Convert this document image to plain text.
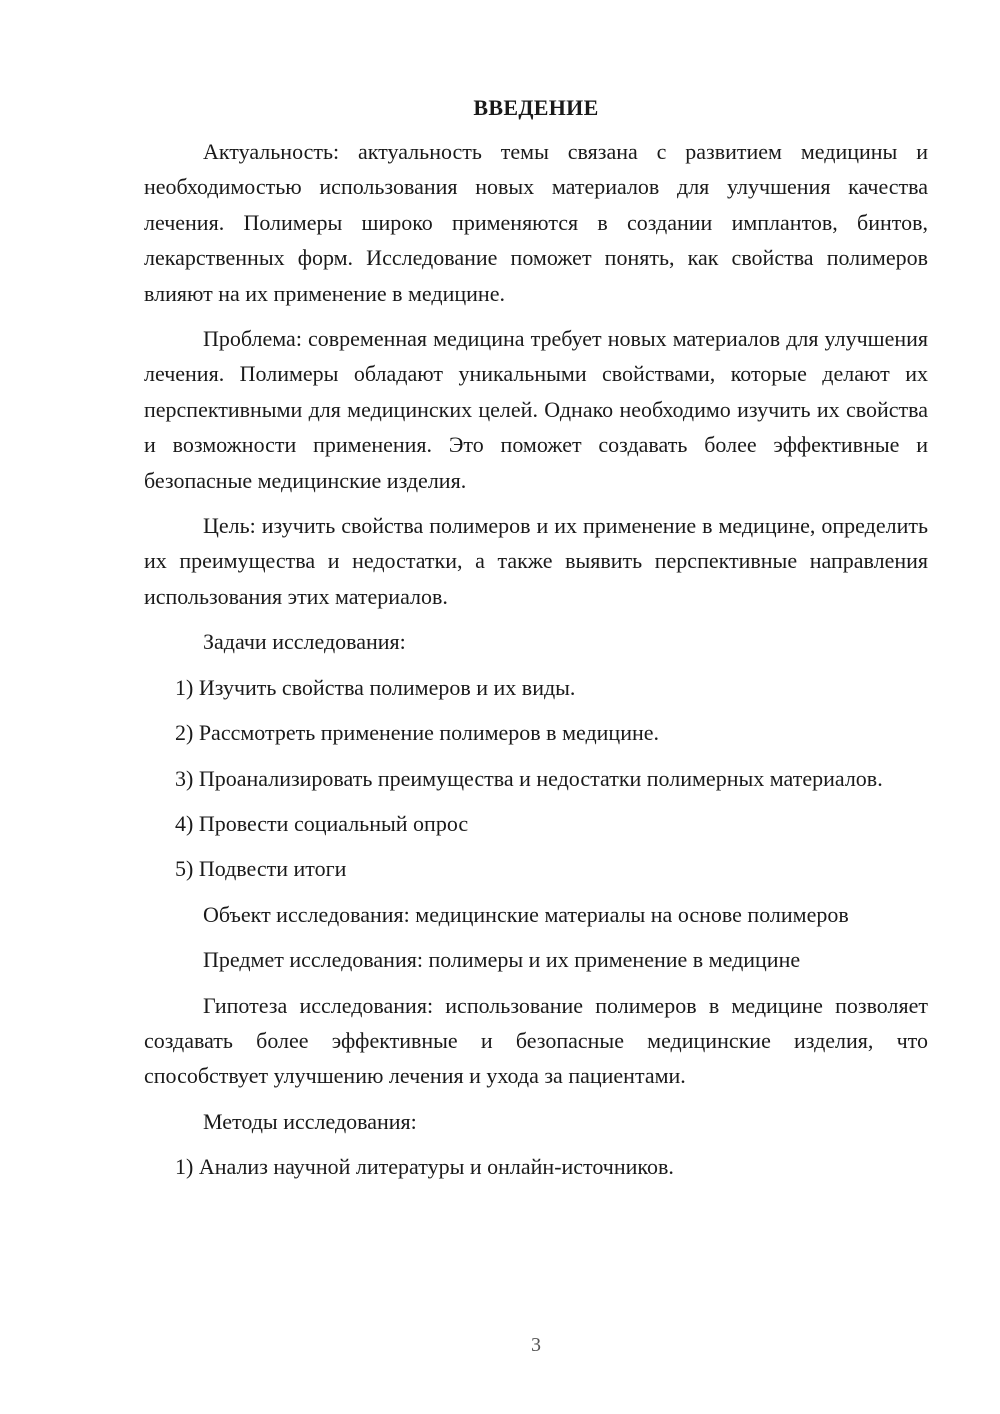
ВВЕДЕНИЕ

Актуальность: актуальность темы связана с развитием медицины и необходимостью использования новых материалов для улучшения качества лечения. Полимеры широко применяются в создании имплантов, бинтов, лекарственных форм. Исследование поможет понять, как свойства полимеров влияют на их применение в медицине.

Проблема: современная медицина требует новых материалов для улучшения лечения. Полимеры обладают уникальными свойствами, которые делают их перспективными для медицинских целей. Однако необходимо изучить их свойства и возможности применения. Это поможет создавать более эффективные и безопасные медицинские изделия.

Цель: изучить свойства полимеров и их применение в медицине, определить их преимущества и недостатки, а также выявить перспективные направления использования этих материалов.

Задачи исследования:

1) Изучить свойства полимеров и их виды.

2) Рассмотреть применение полимеров в медицине.

3) Проанализировать преимущества и недостатки полимерных материалов.

4) Провести социальный опрос

5) Подвести итоги

Объект исследования: медицинские материалы на основе полимеров

Предмет исследования: полимеры и их применение в медицине

Гипотеза исследования: использование полимеров в медицине позволяет создавать более эффективные и безопасные медицинские изделия, что способствует улучшению лечения и ухода за пациентами.

Методы исследования:

1) Анализ научной литературы и онлайн-источников.

3
